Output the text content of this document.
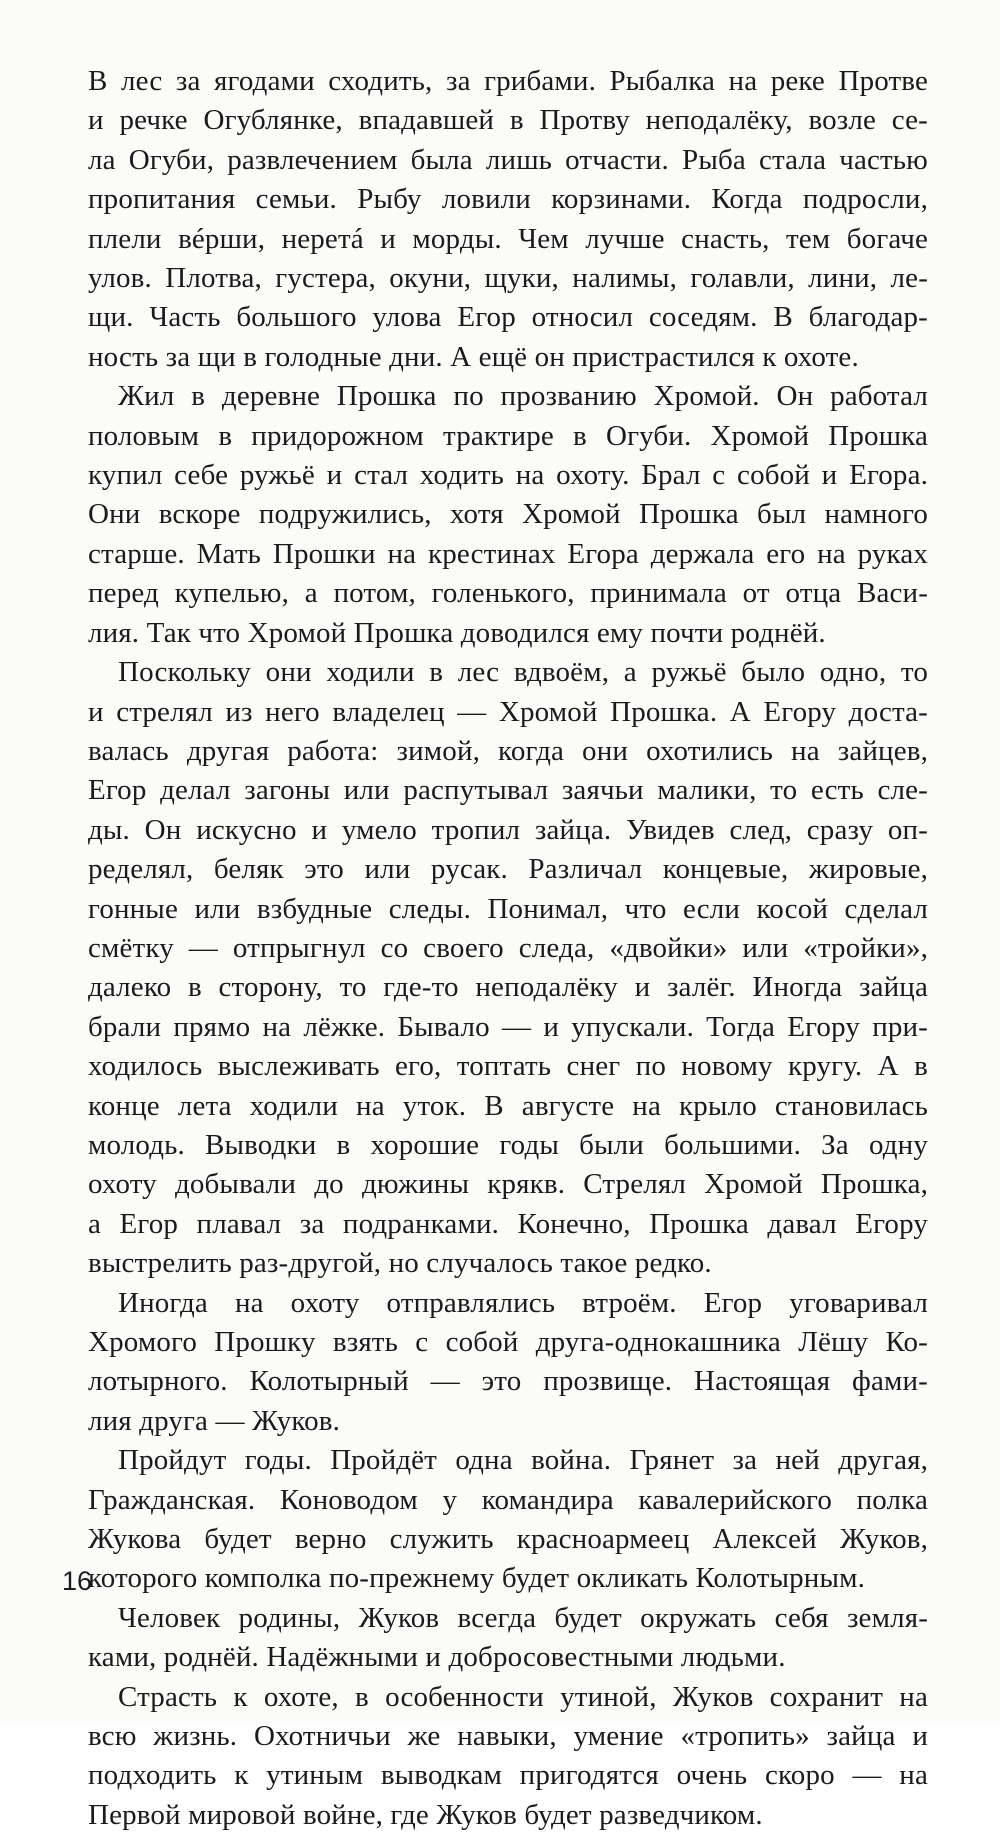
В лес за ягодами сходить, за грибами. Рыбалка на реке Протве
и речке Огублянке, впадавшей в Протву неподалёку, возле се-
ла Огуби, развлечением была лишь отчасти. Рыба стала частью
пропитания семьи. Рыбу ловили корзинами. Когда подросли,
плели вéрши, неретá и морды. Чем лучше снасть, тем богаче
улов. Плотва, густера, окуни, щуки, налимы, голавли, лини, ле-
щи. Часть большого улова Егор относил соседям. В благодар-
ность за щи в голодные дни. А ещё он пристрастился к охоте.

Жил в деревне Прошка по прозванию Хромой. Он работал
половым в придорожном трактире в Огуби. Хромой Прошка
купил себе ружьё и стал ходить на охоту. Брал с собой и Егора.
Они вскоре подружились, хотя Хромой Прошка был намного
старше. Мать Прошки на крестинах Егора держала его на руках
перед купелью, а потом, голенького, принимала от отца Васи-
лия. Так что Хромой Прошка доводился ему почти роднёй.

Поскольку они ходили в лес вдвоём, а ружьё было одно, то
и стрелял из него владелец — Хромой Прошка. А Егору доста-
валась другая работа: зимой, когда они охотились на зайцев,
Егор делал загоны или распутывал заячьи малики, то есть сле-
ды. Он искусно и умело тропил зайца. Увидев след, сразу оп-
ределял, беляк это или русак. Различал концевые, жировые,
гонные или взбудные следы. Понимал, что если косой сделал
смётку — отпрыгнул со своего следа, «двойки» или «тройки»,
далеко в сторону, то где-то неподалёку и залёг. Иногда зайца
брали прямо на лёжке. Бывало — и упускали. Тогда Егору при-
ходилось выслеживать его, топтать снег по новому кругу. А в
конце лета ходили на уток. В августе на крыло становилась
молодь. Выводки в хорошие годы были большими. За одну
охоту добывали до дюжины крякв. Стрелял Хромой Прошка,
а Егор плавал за подранками. Конечно, Прошка давал Егору
выстрелить раз-другой, но случалось такое редко.

Иногда на охоту отправлялись втроём. Егор уговаривал
Хромого Прошку взять с собой друга-однокашника Лёшу Ко-
лотырного. Колотырный — это прозвище. Настоящая фами-
лия друга — Жуков.

Пройдут годы. Пройдёт одна война. Грянет за ней другая,
Гражданская. Коноводом у командира кавалерийского полка
Жукова будет верно служить красноармеец Алексей Жуков,
которого комполка по-прежнему будет окликать Колотырным.

Человек родины, Жуков всегда будет окружать себя земля-
ками, роднёй. Надёжными и добросовестными людьми.

Страсть к охоте, в особенности утиной, Жуков сохранит на
всю жизнь. Охотничьи же навыки, умение «тропить» зайца и
подходить к утиным выводкам пригодятся очень скоро — на
Первой мировой войне, где Жуков будет разведчиком.

16
